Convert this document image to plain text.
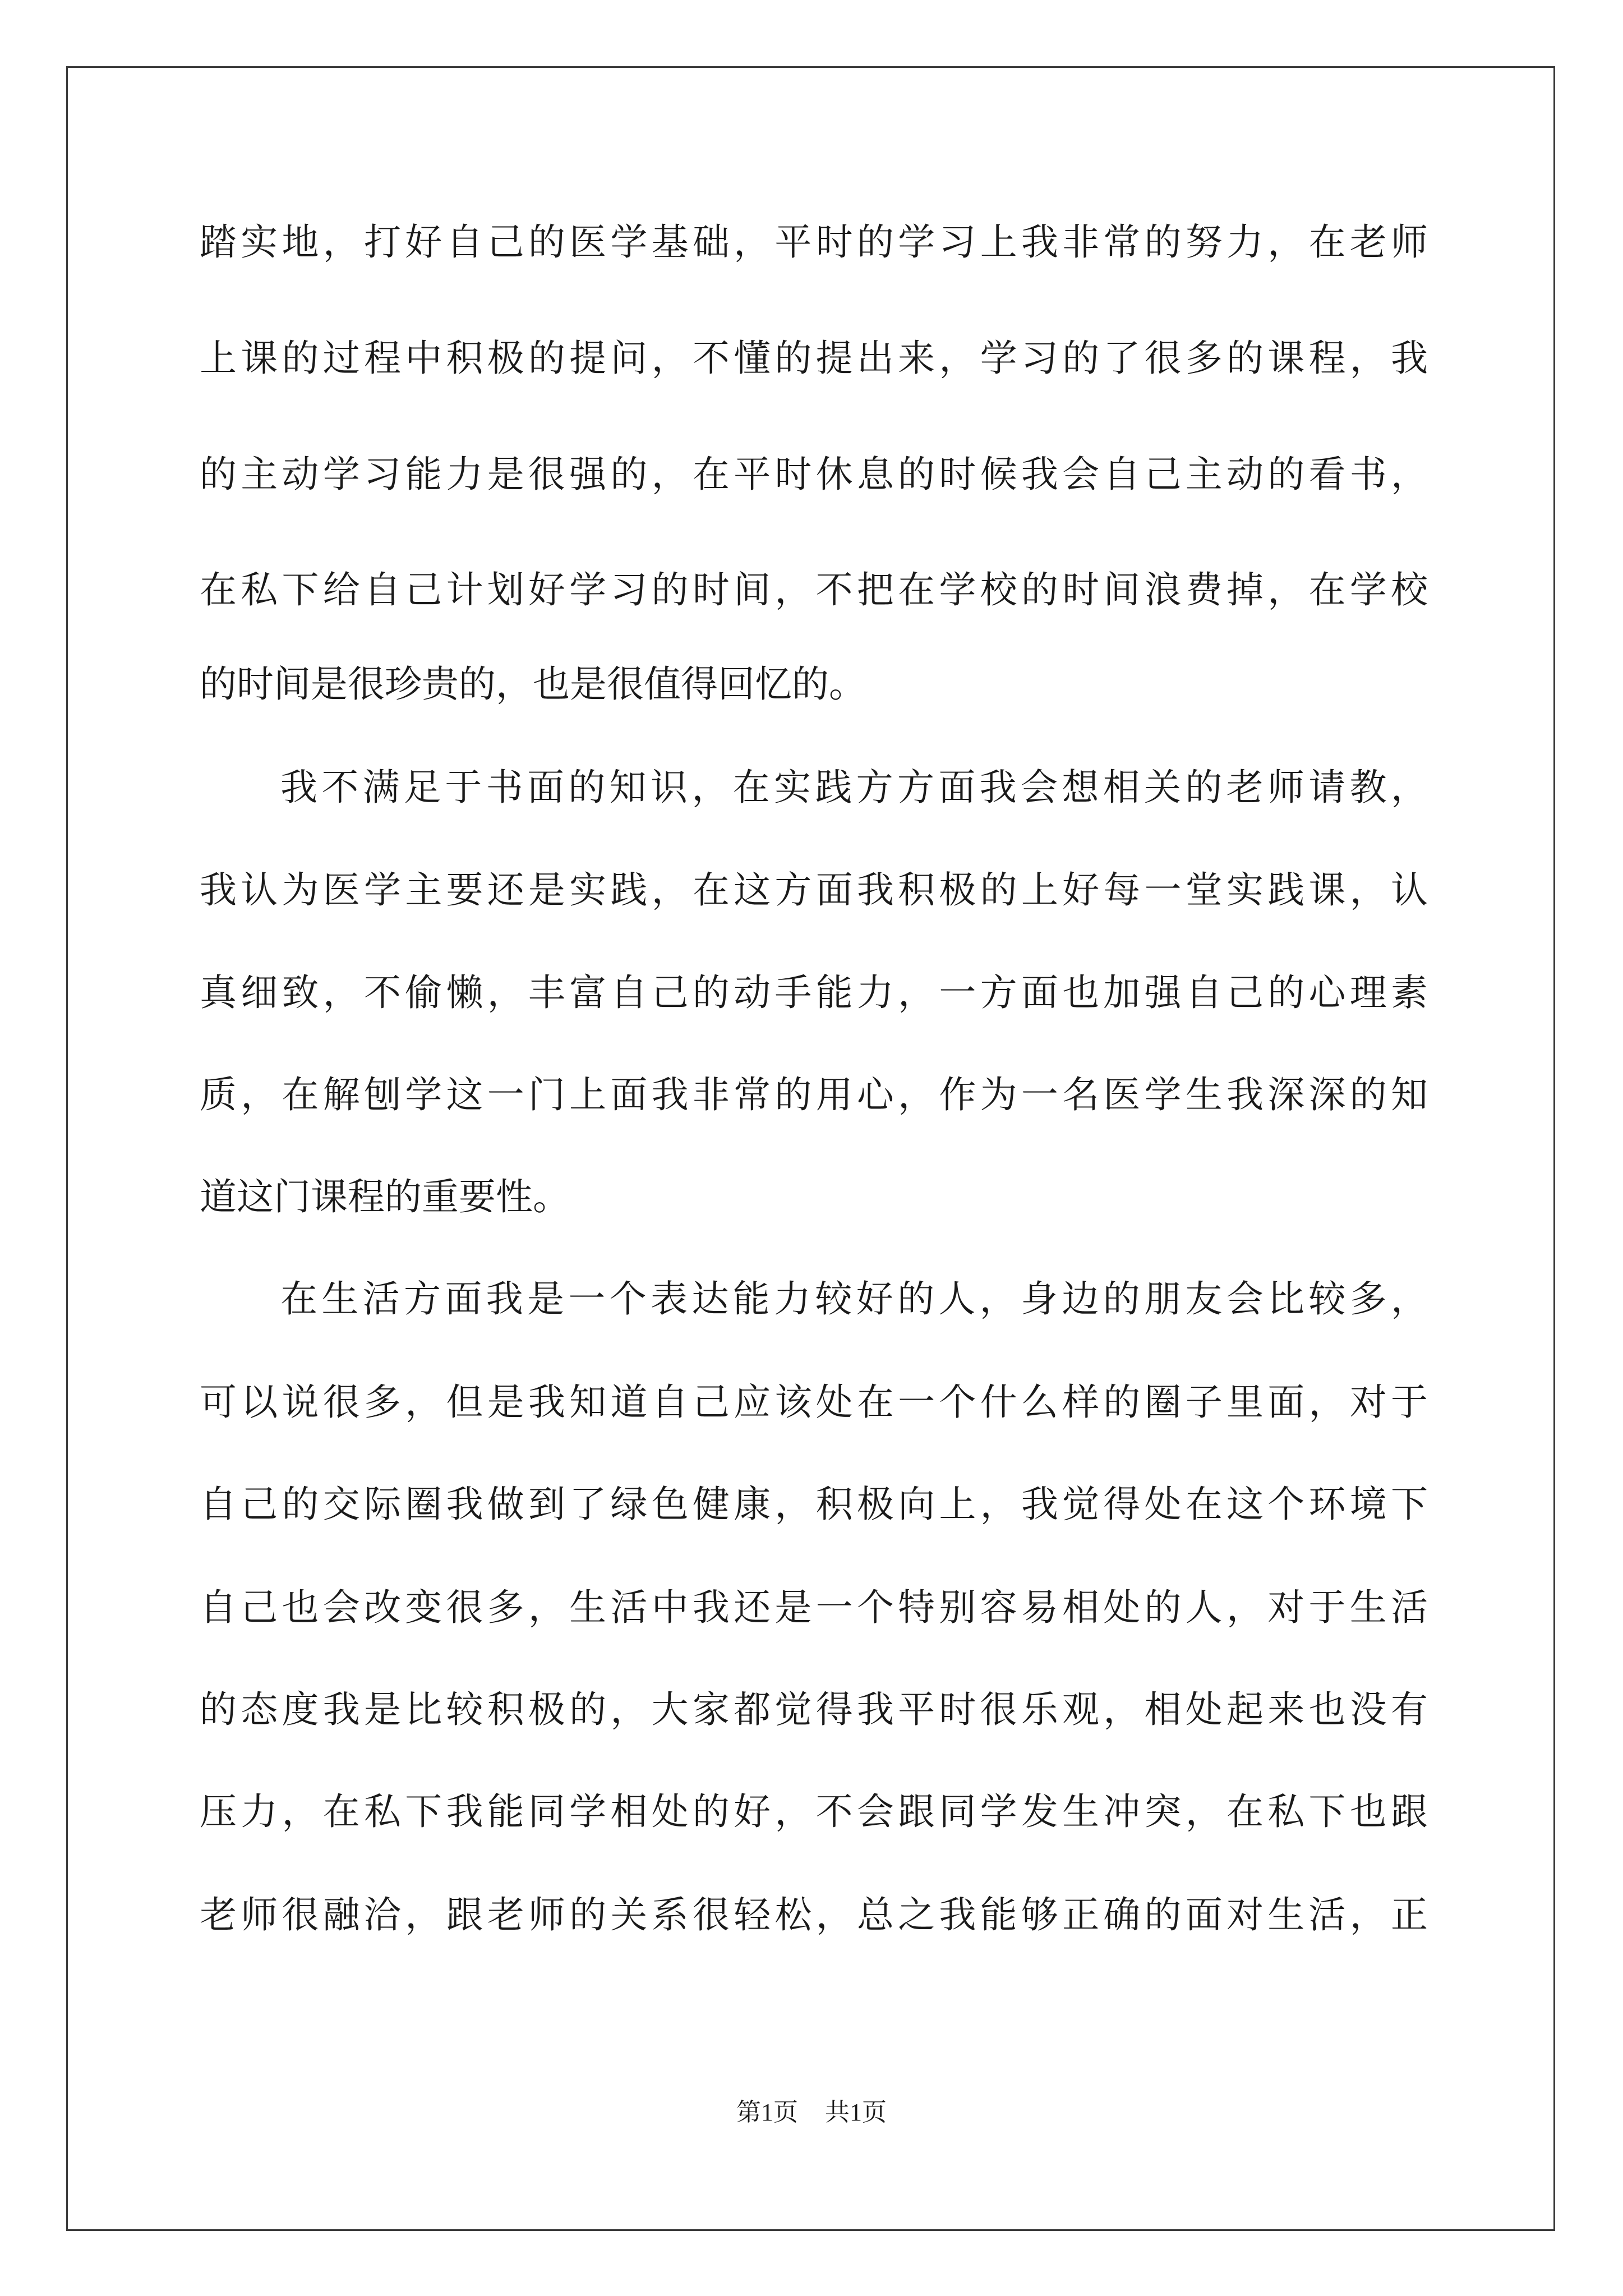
踏实地，打好自己的医学基础，平时的学习上我非常的努力，在老师
上课的过程中积极的提问，不懂的提出来，学习的了很多的课程，我
的主动学习能力是很强的，在平时休息的时候我会自己主动的看书，
在私下给自己计划好学习的时间，不把在学校的时间浪费掉，在学校
的时间是很珍贵的，也是很值得回忆的。
我不满足于书面的知识，在实践方方面我会想相关的老师请教，
我认为医学主要还是实践，在这方面我积极的上好每一堂实践课，认
真细致，不偷懒，丰富自己的动手能力，一方面也加强自己的心理素
质，在解刨学这一门上面我非常的用心，作为一名医学生我深深的知
道这门课程的重要性。
在生活方面我是一个表达能力较好的人，身边的朋友会比较多，
可以说很多，但是我知道自己应该处在一个什么样的圈子里面，对于
自己的交际圈我做到了绿色健康，积极向上，我觉得处在这个环境下
自己也会改变很多，生活中我还是一个特别容易相处的人，对于生活
的态度我是比较积极的，大家都觉得我平时很乐观，相处起来也没有
压力，在私下我能同学相处的好，不会跟同学发生冲突，在私下也跟
老师很融洽，跟老师的关系很轻松，总之我能够正确的面对生活，正
第1页 共1页
